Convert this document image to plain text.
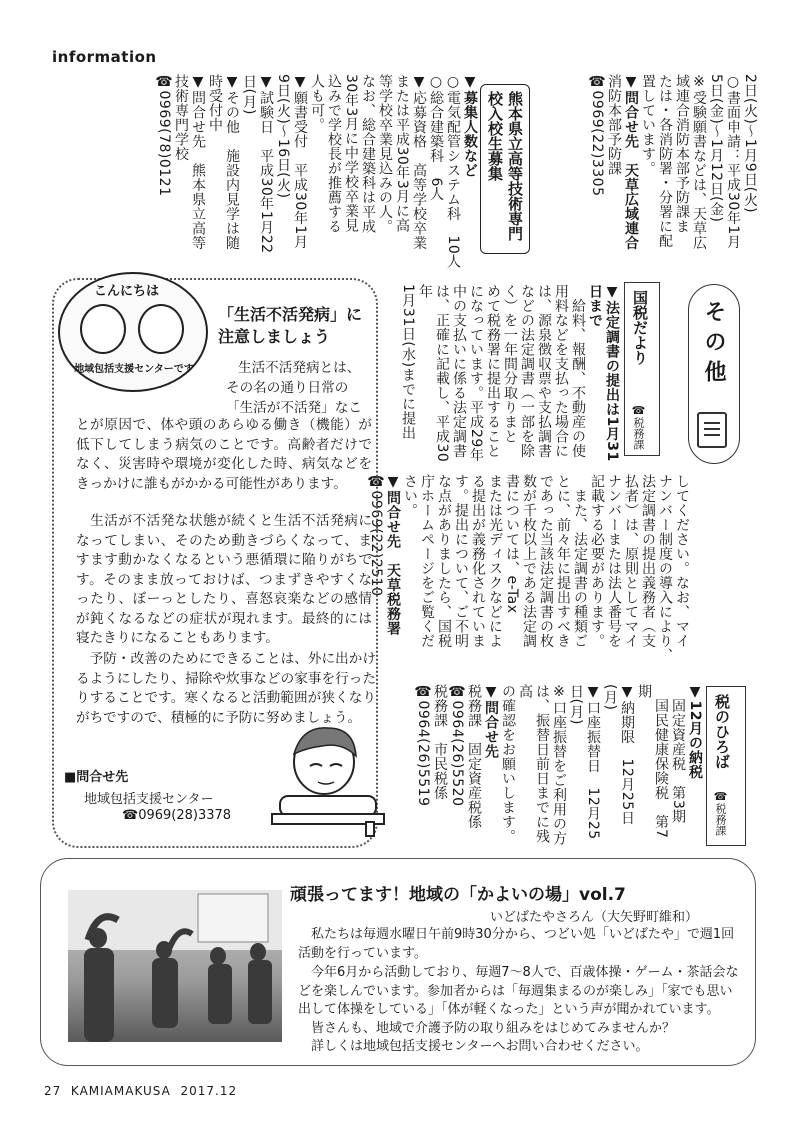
information

2日(火)〜1月9日(火)

○書面申請：平成30年1月

5日(金)〜1月12日(金)

※受験願書などは、天草広

域連合消防本部予防課ま

たは・各消防署・分署に配

置しています。

▼問合せ先　天草広域連合

消防本部予防課

☎0969(22)3305

熊本県立高等技術専門
校入校生募集

▼募集人数など

○電気配管システム科　10人

○総合建築科　6人

▼応募資格　高等学校卒業

または平成30年3月に高

等学校卒業見込みの人。

なお、総合建築科は平成

30年3月に中学校卒業見

込みで学校長が推薦する

人も可。

▼願書受付　平成30年1月

9日(火)〜16日(火)

▼試験日　平成30年1月22

日(月)

▼その他　施設内見学は随

時受付中

▼問合せ先　熊本県立高等

技術専門学校

☎0969(78)0121

その他
国税だより
☎税務課

▼法定調書の提出は1月31

日まで

　給料、報酬、不動産の使

用料などを支払った場合に

は、源泉徴収票や支払調書

などの法定調書（一部を除

く）を一年間分取りまと

めて税務署に提出すること

になっています。平成29年

中の支払いに係る法定調書

は、正確に記載し、平成30年

1月31日(水)までに提出

してください。なお、マイ

ナンバー制度の導入により、

法定調書の提出義務者（支

払者）は、原則としてマイ

ナンバーまたは法人番号を

記載する必要があります。

　また、法定調書の種類ご

とに、前々年に提出すべき

であった当該法定調書の枚

数が千枚以上である法定調

書については、e-Tax

または光ディスクなどによ

る提出が義務化されていま

す。提出について、ご不明

な点がありましたら、国税

庁ホームページをご覧くだ

さい。

▼問合せ先　天草税務署

☎0969(22)2510

税のひろば
☎税務課

▼12月の納税

　固定資産税　第3期

　国民健康保険税　第7期

▼納期限　12月25日(月)

▼口座振替日　12月25日(月)

※口座振替をご利用の方

は、振替日前日までに残高

の確認をお願いします。

▼問合せ先

税務課　固定資産税係

☎0964(26)5520

税務課　市民税係

☎0964(26)5519

こんにちは
地域包括支援センターです
「生活不活発病」に
注意しましょう
生活不活発病とは、
その名の通り日常の
「生活が不活発」なこ
とが原因で、体や頭のあらゆる働き（機能）が低下してしまう病気のことです。高齢者だけでなく、災害時や環境が変化した時、病気などをきっかけに誰もがかかる可能性があります。
　生活が不活発な状態が続くと生活不活発病になってしまい、そのため動きづらくなって、ますます動かなくなるという悪循環に陥りがちです。そのまま放っておけば、つまずきやすくなったり、ぼーっとしたり、喜怒哀楽などの感情が鈍くなるなどの症状が現れます。最終的には寝たきりになることもあります。
　予防・改善のためにできることは、外に出かけるようにしたり、掃除や炊事などの家事を行ったりすることです。寒くなると活動範囲が狭くなりがちですので、積極的に予防に努めましょう。
■問合せ先
地域包括支援センター
☎0969(28)3378
頑張ってます！地域の「かよいの場」vol.7
いどばたやさろん（大矢野町維和）
　私たちは毎週水曜日午前9時30分から、つどい処「いどばたや」で週1回活動を行っています。
　今年6月から活動しており、毎週7〜8人で、百歳体操・ゲーム・茶話会などを楽しんでいます。参加者からは「毎週集まるのが楽しみ」「家でも思い出して体操をしている」「体が軽くなった」という声が聞かれています。
　皆さんも、地域で介護予防の取り組みをはじめてみませんか？
　詳しくは地域包括支援センターへお問い合わせください。
27 KAMIAMAKUSA 2017.12
